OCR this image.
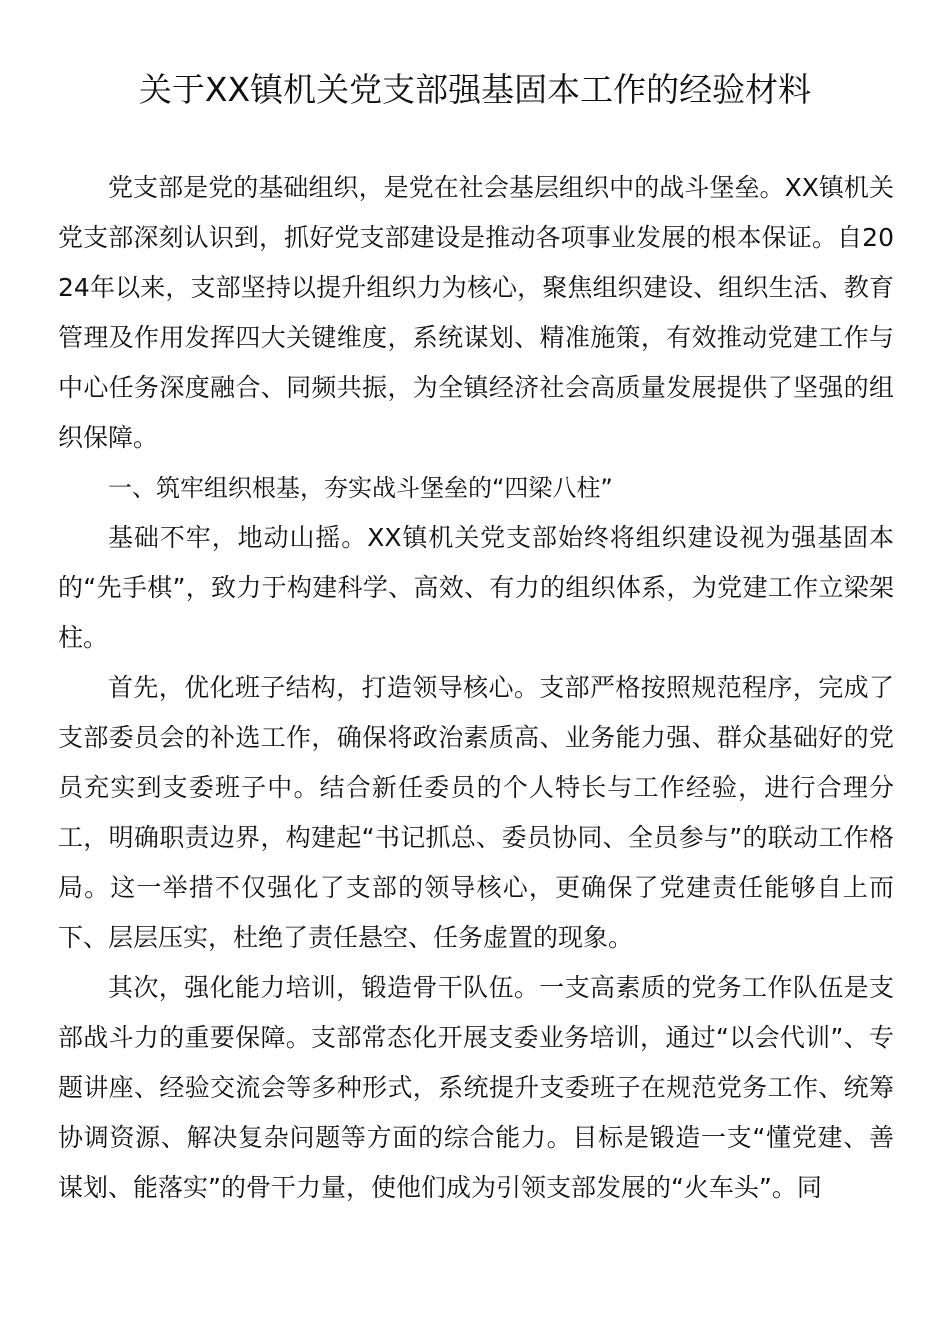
关于XX镇机关党支部强基固本工作的经验材料

党支部是党的基础组织，是党在社会基层组织中的战斗堡垒。XX镇机关党支部深刻认识到，抓好党支部建设是推动各项事业发展的根本保证。自2024年以来，支部坚持以提升组织力为核心，聚焦组织建设、组织生活、教育管理及作用发挥四大关键维度，系统谋划、精准施策，有效推动党建工作与中心任务深度融合、同频共振，为全镇经济社会高质量发展提供了坚强的组织保障。

一、筑牢组织根基，夯实战斗堡垒的“四梁八柱”

基础不牢，地动山摇。XX镇机关党支部始终将组织建设视为强基固本的“先手棋”，致力于构建科学、高效、有力的组织体系，为党建工作立梁架柱。

首先，优化班子结构，打造领导核心。支部严格按照规范程序，完成了支部委员会的补选工作，确保将政治素质高、业务能力强、群众基础好的党员充实到支委班子中。结合新任委员的个人特长与工作经验，进行合理分工，明确职责边界，构建起“书记抓总、委员协同、全员参与”的联动工作格局。这一举措不仅强化了支部的领导核心，更确保了党建责任能够自上而下、层层压实，杜绝了责任悬空、任务虚置的现象。

其次，强化能力培训，锻造骨干队伍。一支高素质的党务工作队伍是支部战斗力的重要保障。支部常态化开展支委业务培训，通过“以会代训”、专题讲座、经验交流会等多种形式，系统提升支委班子在规范党务工作、统筹协调资源、解决复杂问题等方面的综合能力。目标是锻造一支“懂党建、善谋划、能落实”的骨干力量，使他们成为引领支部发展的“火车头”。同
